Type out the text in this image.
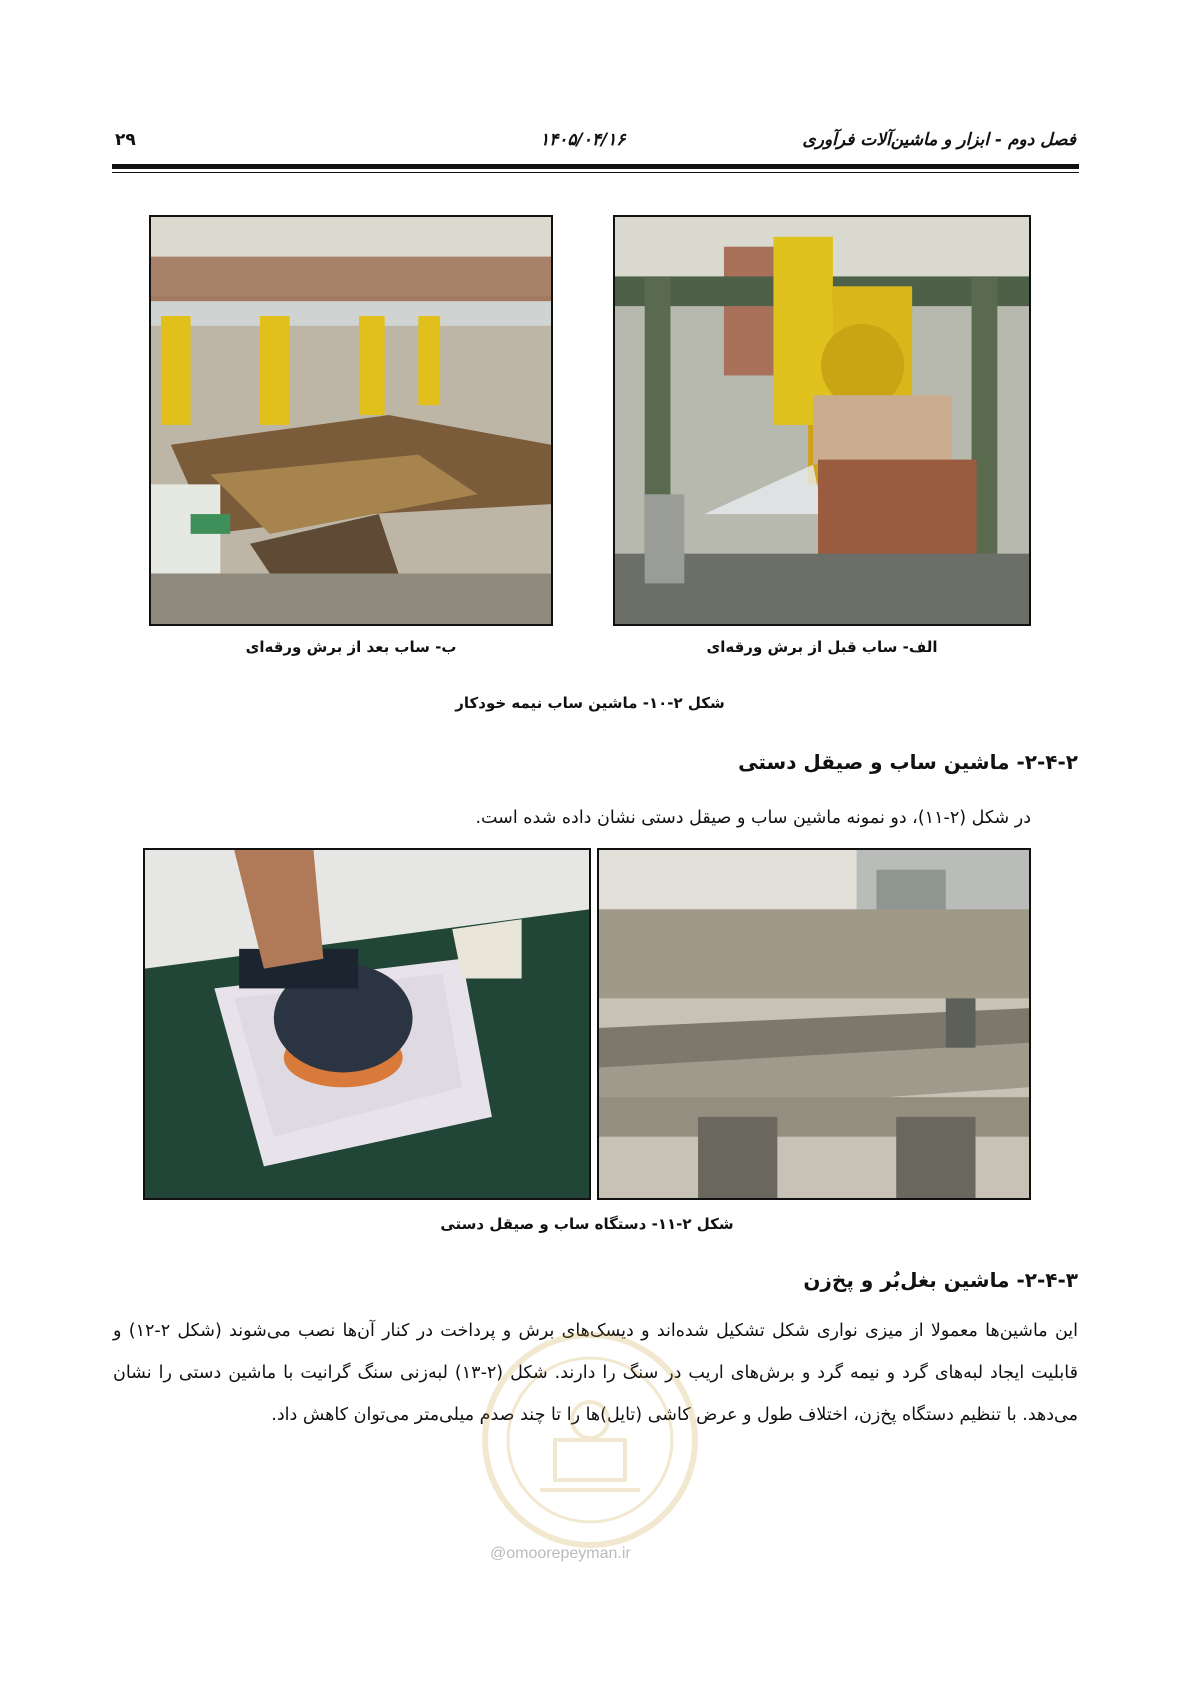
فصل دوم - ابزار و ماشین‌آلات فرآوری
۱۴۰۵/۰۴/۱۶
۲۹
الف- ساب قبل از برش ورقه‌ای
ب- ساب بعد از برش ورقه‌ای
شکل ۲-۱۰- ماشین ساب نیمه خودکار
۲-۴-۲- ماشین ساب و صیقل دستی
در شکل (۲-۱۱)، دو نمونه ماشین ساب و صیقل دستی نشان داده شده است.
شکل ۲-۱۱- دستگاه ساب و صیقل دستی
۲-۴-۳- ماشین بغل‌بُر و پخ‌زن
این ماشین‌ها معمولا از میزی نواری شکل تشکیل شده‌اند و دیسک‌های برش و پرداخت در کنار آن‌ها نصب می‌شوند (شکل ۲-۱۲) و قابلیت ایجاد لبه‌های گرد و نیمه گرد و برش‌های اریب در سنگ را دارند. شکل (۲-۱۳) لبه‌زنی سنگ گرانیت با ماشین دستی را نشان می‌دهد. با تنظیم دستگاه پخ‌زن، اختلاف طول و عرض کاشی (تایل)ها را تا چند صدم میلی‌متر می‌توان کاهش داد.
@omoorepeyman.ir
